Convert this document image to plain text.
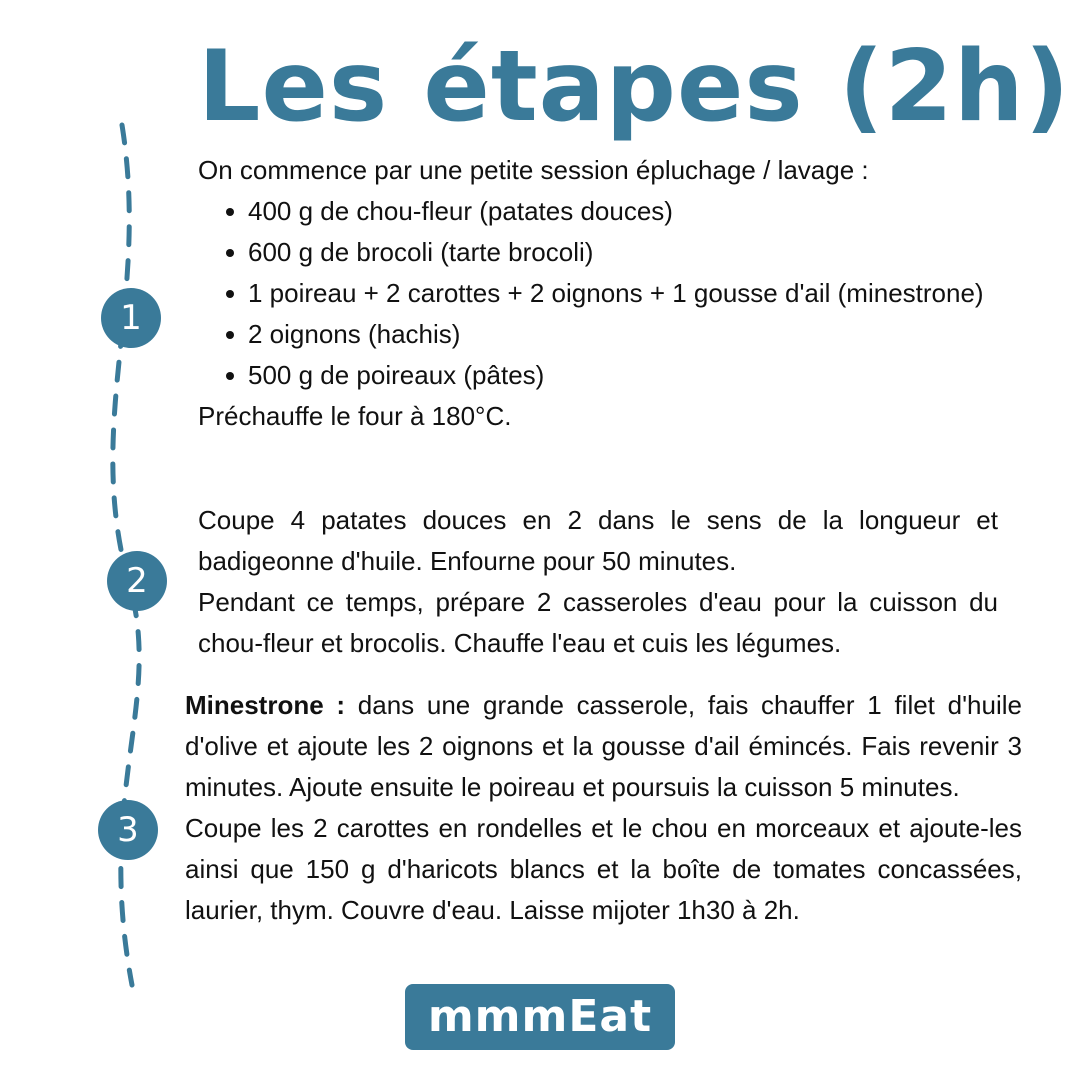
Les étapes (2h)
1
2
3

On commence par une petite session épluchage / lavage :

400 g de chou-fleur (patates douces)
600 g de brocoli (tarte brocoli)
1 poireau + 2 carottes + 2 oignons + 1 gousse d'ail (minestrone)
2 oignons (hachis)
500 g de poireaux (pâtes)

Préchauffe le four à 180°C.

Coupe 4 patates douces en 2 dans le sens de la longueur et badigeonne d'huile. Enfourne pour 50 minutes.

Pendant ce temps, prépare 2 casseroles d'eau pour la cuisson du chou-fleur et brocolis. Chauffe l'eau et cuis les légumes.

Minestrone : dans une grande casserole, fais chauffer 1 filet d'huile d'olive et ajoute les 2 oignons et la gousse d'ail émincés. Fais revenir 3 minutes. Ajoute ensuite le poireau et poursuis la cuisson 5 minutes.

Coupe les 2 carottes en rondelles et le chou en morceaux et ajoute-les ainsi que 150 g d'haricots blancs et la boîte de tomates concassées, laurier, thym. Couvre d'eau. Laisse mijoter 1h30 à 2h.

mmmEat
